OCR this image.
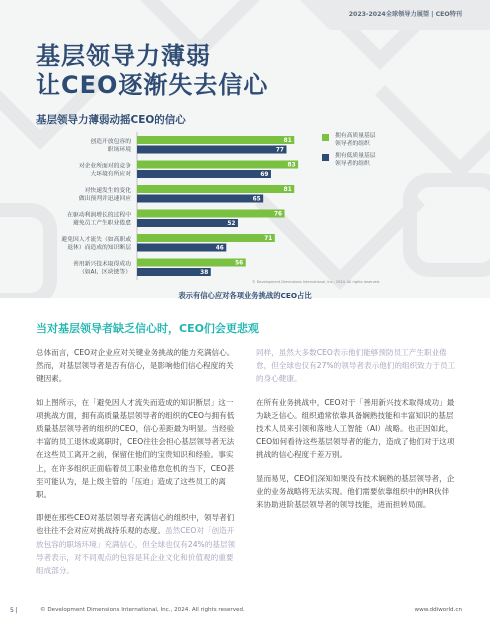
2023-2024全球领导力展望 | CEO特刊
基层领导力薄弱
让CEO逐渐失去信心
基层领导力薄弱动摇CEO的信心
创造开放包容的
职场环境
81
77
对企业所面对的竞争
大环境有所应对
83
69
对快速发生的变化
做出预判并迅速回应
81
65
在驱动利润增长的过程中
避免员工产生职业倦怠
76
52
避免因人才流失（如高职或
退休）而造成的知识断层
71
46
善用新兴技术取得成功
（如AI、区块链等）
56
38
拥有高质量基层
领导者的组织
拥有低质量基层
领导者的组织
© Development Dimensions International, Inc., 2024. All rights reserved.
表示有信心应对各项业务挑战的CEO占比
当对基层领导者缺乏信心时，CEO们会更悲观

总体而言，CEO对企业应对关键业务挑战的能力充满信心。然而，对基层领导者是否有信心，是影响他们信心程度的关键因素。

如上图所示，在「避免因人才流失而造成的知识断层」这一项挑战方面，拥有高质量基层领导者的组织的CEO与拥有低质量基层领导者的组织的CEO，信心差距最为明显。当经验丰富的员工退休或离职时，CEO往往会担心基层领导者无法在这些员工离开之前，保留住他们的宝贵知识和经验。事实上，在许多组织正面临着员工职业倦怠危机的当下，CEO甚至可能认为，是上级主管的「压迫」造成了这些员工的离职。

即便在那些CEO对基层领导者充满信心的组织中，领导者们也往往不会对应对挑战持乐观的态度。虽然CEO对「创造开放包容的职场环境」充满信心，但全球也仅有24%的基层领导者表示，对不同观点的包容是其企业文化和价值观的重要组成部分。

同样，虽然大多数CEO表示他们能够预防员工产生职业倦怠，但全球也仅有27%的领导者表示他们的组织致力于员工的身心健康。

在所有业务挑战中，CEO对于「善用新兴技术取得成功」最为缺乏信心。组织通常依靠具备娴熟技能和丰富知识的基层技术人员来引领和落地人工智能（AI）战略。也正因如此，CEO如何看待这些基层领导者的能力，造成了他们对于这项挑战的信心程度千差万别。

显而易见，CEO们深知如果没有技术娴熟的基层领导者，企业的业务战略将无法实现。他们需要依靠组织中的HR伙伴来协助进阶基层领导者的领导技能，进而担转局面。

5 |	© Development Dimensions International, Inc., 2024. All rights reserved.	www.ddiworld.cn
